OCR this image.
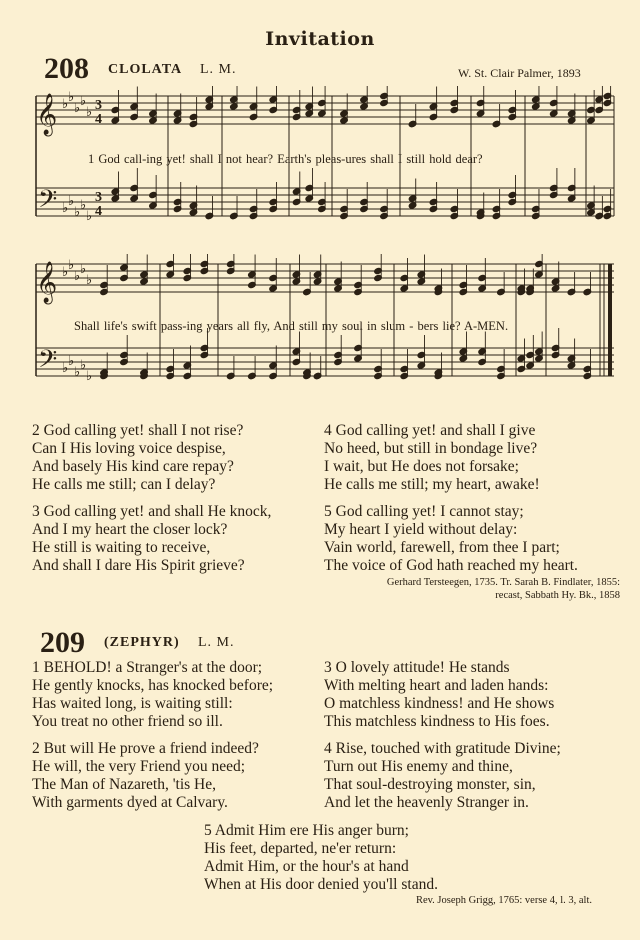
Invitation
208 CLOLATA L. M.	W. St. Clair Palmer, 1893
𝄞
𝄢
♭ ♭
♭ ♭
♭
♭ ♭
♭ ♭
♭
3
4
3
4
1 God call-ing yet! shall I not hear? Earth's pleas-ures shall I still hold dear?
𝄞
𝄢
♭ ♭
♭ ♭
♭
♭ ♭
♭ ♭
♭
Shall life's swift pass-ing years all fly, And still my soul in slum - bers lie? A-MEN.
2 God calling yet! shall I not rise?
Can I His loving voice despise,
And basely His kind care repay?
He calls me still; can I delay?
4 God calling yet! and shall I give
No heed, but still in bondage live?
I wait, but He does not forsake;
He calls me still; my heart, awake!
3 God calling yet! and shall He knock,
And I my heart the closer lock?
He still is waiting to receive,
And shall I dare His Spirit grieve?
5 God calling yet! I cannot stay;
My heart I yield without delay:
Vain world, farewell, from thee I part;
The voice of God hath reached my heart.
Gerhard Tersteegen, 1735. Tr. Sarah B. Findlater, 1855:
recast, Sabbath Hy. Bk., 1858
209 (ZEPHYR) L. M.
1 BEHOLD! a Stranger's at the door;
He gently knocks, has knocked before;
Has waited long, is waiting still:
You treat no other friend so ill.
3 O lovely attitude! He stands
With melting heart and laden hands:
O matchless kindness! and He shows
This matchless kindness to His foes.
2 But will He prove a friend indeed?
He will, the very Friend you need;
The Man of Nazareth, 'tis He,
With garments dyed at Calvary.
4 Rise, touched with gratitude Divine;
Turn out His enemy and thine,
That soul-destroying monster, sin,
And let the heavenly Stranger in.
5 Admit Him ere His anger burn;
His feet, departed, ne'er return:
Admit Him, or the hour's at hand
When at His door denied you'll stand.
Rev. Joseph Grigg, 1765: verse 4, l. 3, alt.
